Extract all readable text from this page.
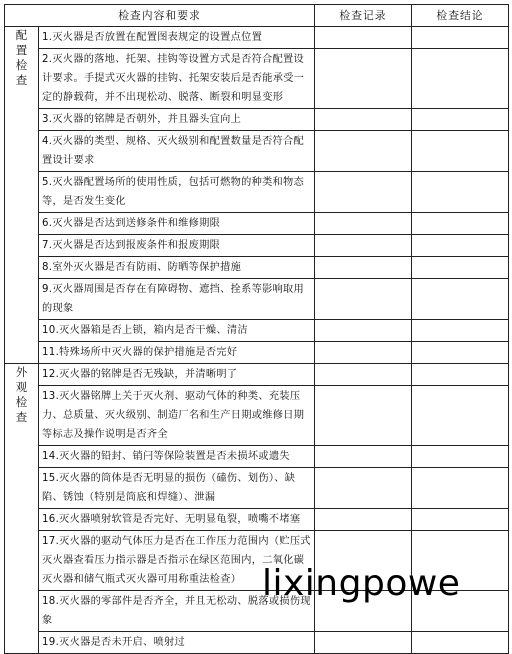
检查内容和要求		检查记录	检查结论
配置检查	1.灭火器是否放置在配置图表规定的设置点位置		
	2.灭火器的落地、托架、挂钩等设置方式是否符合配置设计要求。手提式灭火器的挂钩、托架安装后是否能承受一定的静载荷，并不出现松动、脱落、断裂和明显变形		
	3.灭火器的铭牌是否朝外，并且器头宜向上		
	4.灭火器的类型、规格、灭火级别和配置数量是否符合配置设计要求		
	5.灭火器配置场所的使用性质，包括可燃物的种类和物态等，是否发生变化		
	6.灭火器是否达到送修条件和维修期限		
	7.灭火器是否达到报废条件和报废期限		
	8.室外灭火器是否有防雨、防晒等保护措施		
	9.灭火器周围是否存在有障碍物、遮挡、拴系等影响取用的现象		
	10.灭火器箱是否上锁，箱内是否干燥、清洁		
	11.特殊场所中灭火器的保护措施是否完好		
外观检查	12.灭火器的铭牌是否无残缺，并清晰明了		
	13.灭火器铭牌上关于灭火剂、驱动气体的种类、充装压力、总质量、灭火级别、制造厂名和生产日期或维修日期等标志及操作说明是否齐全		
	14.灭火器的铅封、销闩等保险装置是否未损坏或遗失		
	15.灭火器的筒体是否无明显的损伤（磕伤、划伤）、缺陷、锈蚀（特别是筒底和焊缝）、泄漏		
	16.灭火器喷射软管是否完好、无明显龟裂，喷嘴不堵塞		
	17.灭火器的驱动气体压力是否在工作压力范围内（贮压式灭火器查看压力指示器是否指示在绿区范围内，二氧化碳灭火器和储气瓶式灭火器可用称重法检查）		
	18.灭火器的零部件是否齐全，并且无松动、脱落或损伤现象		
	19.灭火器是否未开启、喷射过		
lixingpowe
